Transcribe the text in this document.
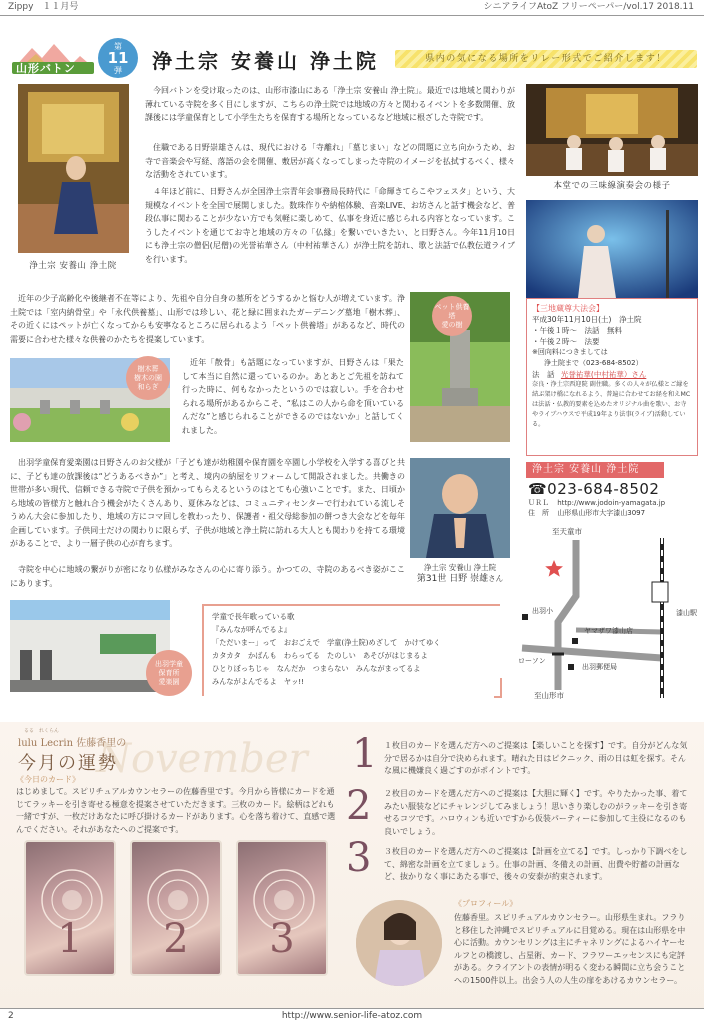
Zippy　１１月号	シニアライフAtoZ フリーペーパー/vol.17 2018.11
山形バトン
第
11
弾 浄土宗 安養山 浄土院	県内の気になる場所をリレー形式でご紹介します！
浄土宗 安養山 浄土院
今回バトンを受け取ったのは、山形市漆山にある「浄土宗 安養山 浄土院」。最近では地域と関わりが薄れている寺院を多く目にしますが、こちらの浄土院では地域の方々と関わるイベントを多数開催、放課後には学童保育として小学生たちを保育する場所となっているなど地域に根ざした寺院です。
住職である日野崇雄さんは、現代における「寺離れ」「墓じまい」などの問題に立ち向かうため、お寺で音楽会や写経、落語の会を開催、敷居が高くなってしまった寺院のイメージを払拭するべく、様々な活動をされています。
４年ほど前に、日野さんが全国浄土宗青年会事務局長時代に「命輝きてらこやフェスタ」という、大規模なイベントを全国で展開しました。数珠作りや納棺体験、音楽LIVE、お坊さんと話す機会など、普段仏事に関わることが少ない方でも気軽に楽しめて、仏事を身近に感じられる内容となっています。こうしたイベントを通じてお寺と地域の方々の「仏縁」を繋いでいきたい、と日野さん。今年11月10日にも浄土宗の僧侶(尼僧)の光誉祐華さん（中村祐華さん）が浄土院を訪れ、歌と法話で仏教伝道ライブを行います。
本堂での三味線演奏会の様子
【三地蔵尊大法会】
平成30年11月10日(土)　浄土院
・午後１時〜　法話　無料
・午後２時〜　法要
※回向料につきましては
浄土院まで（023-684-8502）
法　話 光誉祐華(中村祐華）さん
奈良・浄土宗西迎院 副住職。多くの人々が仏様とご縁を結ぶ架け橋になれるよう、普遍に合わせてお経を和えMCは法話・仏教的要素を込めたオリジナル曲を歌い、お寺やライブハウスで平成19年より法事(ライブ)活動している。
近年の少子高齢化や後継者不在等により、先祖や自分自身の墓所をどうするかと悩む人が増えています。浄土院では「室内納骨堂」や「永代供養墓」、山形では珍しい、花と緑に囲まれたガーデニング墓地「樹木葬」、その近くにはペットが亡くなってからも安寧なるところに居られるよう「ペット供養塔」があるなど、時代の需要に合わせた様々な供養のかたちを提案しています。
ペット供養塔
愛の樹
樹木葬
樹木の園
和らぎ
近年「散骨」も話題になっていますが、日野さんは「果たして本当に自然に還っているのか。あとあとご先祖を訪ねて行った時に、何もなかったというのでは寂しい。手を合わせられる場所があるからこそ、“私はこの人から命を頂いているんだな”と感じられることができるのではないか」と話してくれました。
浄土宗 安養山 浄土院
第31世 日野 崇雄さん
出羽学童保育愛楽園は日野さんのお父様が「子ども達が幼稚園や保育園を卒園し小学校を入学する喜びと共に、子ども達の放課後は“どうあるべきか”」と考え、境内の納屋をリフォームして開設されました。共働きの世帯が多い現代、信頼できる寺院で子供を預かってもらえるというのはとても心強いことです。また、日頃から地域の皆様方と触れ合う機会がたくさんあり、夏休みなどは、コミュニティセンターで行われている流しそうめん大会に参加したり、地域の方にコマ回しを教わったり、保護者・祖父母総参加の餅つき大会などを毎年企画しています。子供同士だけの関わりに限らず、子供が地域と浄土院に訪れる大人とも関わりを持てる環境があることで、より一層子供の心が育ちます。
寺院を中心に地域の繋がりが密になり仏様がみなさんの心に寄り添う。かつての、寺院のあるべき姿がここにあります。
浄土宗 安養山 浄土院
☎023-684-8502
ＵＲＬ http://www.jodoin-yamagata.jp
住　所 山形県山形市大字漆山3097
至天童市
漆山駅
出羽小
ヤマザワ漆山店
ローソン
出羽郵便局
至山形市
出羽学童
保育所
愛楽園
学童で長年歌っている歌
『みんなが呼んでるよ』
「ただいまー」って　おおごえで　学童(浄土院)めざして　かけてゆく
カタカタ　かばんも　わらってる　たのしい　あそびがはじまるよ
ひとりぼっちじゃ　なんだか　つまらない　みんながまってるよ
みんながよんでるよ　ヤッ!!
November
るる　れくらん
lulu Lecrin 佐藤香里の
今月の運勢
《今日のカード》
はじめまして。スピリチュアルカウンセラーの佐藤香里です。今月から皆様にカードを通じてラッキーを引き寄せる極意を提案させていただきます。三枚のカード。絵柄はどれも一緒ですが、一枚だけあなたに呼び掛けるカードがあります。心を落ち着けて、直感で選んでください。それがあなたへのご提案です。
1	2	3
1 １枚目のカードを選んだ方へのご提案は【楽しいことを探す】です。自分がどんな気分で居るかは自分で決められます。晴れた日はピクニック、雨の日は虹を探す。そんな風に機嫌良く過ごすのがポイントです。
2 ２枚目のカードを選んだ方へのご提案は【大胆に輝く】です。やりたかった事、着てみたい服装などにチャレンジしてみましょう！思いきり楽しむのがラッキーを引き寄せるコツです。ハロウィンも近いですから仮装パーティーに参加して主役になるのも良いでしょう。
3 ３枚目のカードを選んだ方へのご提案は【計画を立てる】です。しっかり下調べをして、綿密な計画を立てましょう。仕事の計画、冬備えの計画、出費や貯蓄の計画など、抜かりなく事にあたる事で、後々の安泰が約束されます。
《プロフィール》
佐藤香里。スピリチュアルカウンセラー。山形県生まれ。フラりと移住した沖縄でスピリチュアルに目覚める。現在は山形県を中心に活動。カウンセリングは主にチャネリングによるハイヤーセルフとの橋渡し、占星術、カード、フラワーエッセンスにも定評がある。クライアントの表情が明るく変わる瞬間に立ち会うことへの1500件以上。出会う人の人生の扉をあけるカウンセラー。
2	http://www.senior-life-atoz.com
